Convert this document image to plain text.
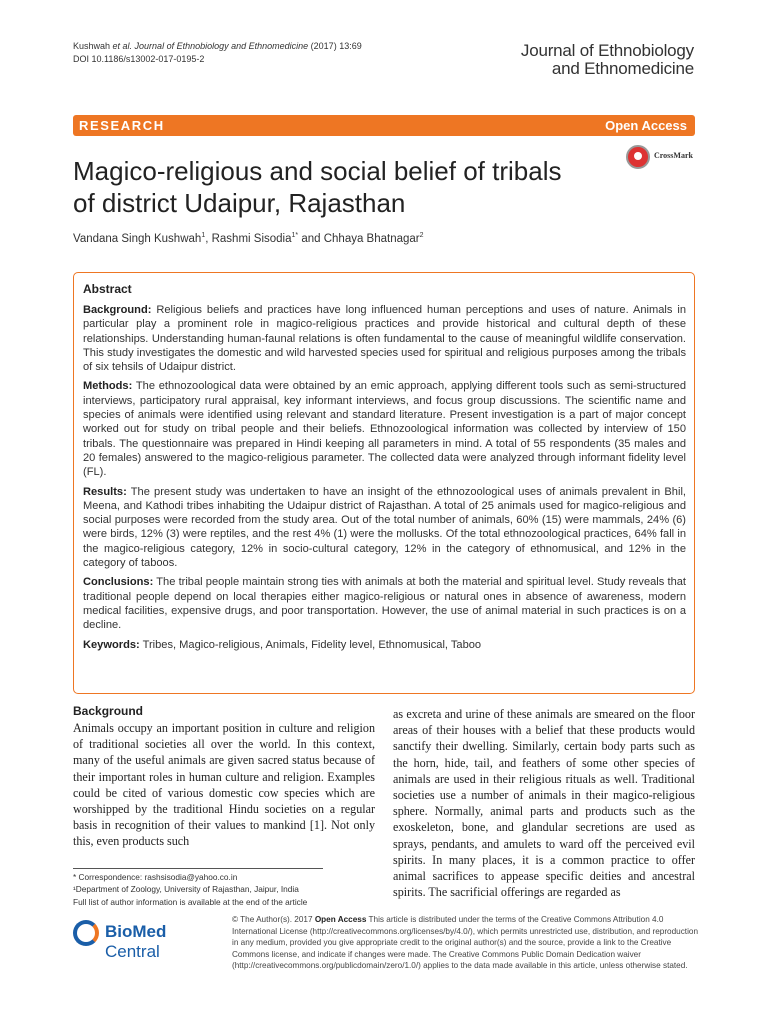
Kushwah et al. Journal of Ethnobiology and Ethnomedicine (2017) 13:69
DOI 10.1186/s13002-017-0195-2	Journal of Ethnobiology
and Ethnomedicine
RESEARCH	Open Access
Magico-religious and social belief of tribals
of district Udaipur, Rajasthan
CrossMark
Vandana Singh Kushwah$^1$, Rashmi Sisodia$^{1*}$ and Chhaya Bhatnagar$^2$
Abstract

Background: Religious beliefs and practices have long influenced human perceptions and uses of nature. Animals in particular play a prominent role in magico-religious practices and provide historical and cultural depth of these relationships. Understanding human-faunal relations is often fundamental to the cause of meaningful wildlife conservation. This study investigates the domestic and wild harvested species used for spiritual and religious purposes among the tribals of six tehsils of Udaipur district.

Methods: The ethnozoological data were obtained by an emic approach, applying different tools such as semi-structured interviews, participatory rural appraisal, key informant interviews, and focus group discussions. The scientific name and species of animals were identified using relevant and standard literature. Present investigation is a part of major concept worked out for study on tribal people and their beliefs. Ethnozoological information was collected by interview of 150 tribals. The questionnaire was prepared in Hindi keeping all parameters in mind. A total of 55 respondents (35 males and 20 females) answered to the magico-religious parameter. The collected data were analyzed through informant fidelity level (FL).

Results: The present study was undertaken to have an insight of the ethnozoological uses of animals prevalent in Bhil, Meena, and Kathodi tribes inhabiting the Udaipur district of Rajasthan. A total of 25 animals used for magico-religious and social purposes were recorded from the study area. Out of the total number of animals, 60% (15) were mammals, 24% (6) were birds, 12% (3) were reptiles, and the rest 4% (1) were the mollusks. Of the total ethnozoological practices, 64% fall in the magico-religious category, 12% in socio-cultural category, 12% in the category of ethnomusical, and 12% in the category of taboos.

Conclusions: The tribal people maintain strong ties with animals at both the material and spiritual level. Study reveals that traditional people depend on local therapies either magico-religious or natural ones in absence of awareness, modern medical facilities, expensive drugs, and poor transportation. However, the use of animal material in such practices is on a decline.

Keywords: Tribes, Magico-religious, Animals, Fidelity level, Ethnomusical, Taboo

Background

Animals occupy an important position in culture and religion of traditional societies all over the world. In this context, many of the useful animals are given sacred status because of their important roles in human culture and religion. Examples could be cited of various domestic cow species which are worshipped by the traditional Hindu societies on a regular basis in recognition of their values to mankind [1]. Not only this, even products such

as excreta and urine of these animals are smeared on the floor areas of their houses with a belief that these products would sanctify their dwelling. Similarly, certain body parts such as the horn, hide, tail, and feathers of some other species of animals are used in their religious rituals as well. Traditional societies use a number of animals in their magico-religious sphere. Normally, animal parts and products such as the exoskeleton, bone, and glandular secretions are used as sprays, pendants, and amulets to ward off the perceived evil spirits. In many places, it is a common practice to offer animal sacrifices to appease specific deities and ancestral spirits. The sacrificial offerings are regarded as

* Correspondence: rashsisodia@yahoo.co.in
¹Department of Zoology, University of Rajasthan, Jaipur, India
Full list of author information is available at the end of the article
BioMed Central
© The Author(s). 2017 Open Access This article is distributed under the terms of the Creative Commons Attribution 4.0 International License (http://creativecommons.org/licenses/by/4.0/), which permits unrestricted use, distribution, and reproduction in any medium, provided you give appropriate credit to the original author(s) and the source, provide a link to the Creative Commons license, and indicate if changes were made. The Creative Commons Public Domain Dedication waiver (http://creativecommons.org/publicdomain/zero/1.0/) applies to the data made available in this article, unless otherwise stated.
